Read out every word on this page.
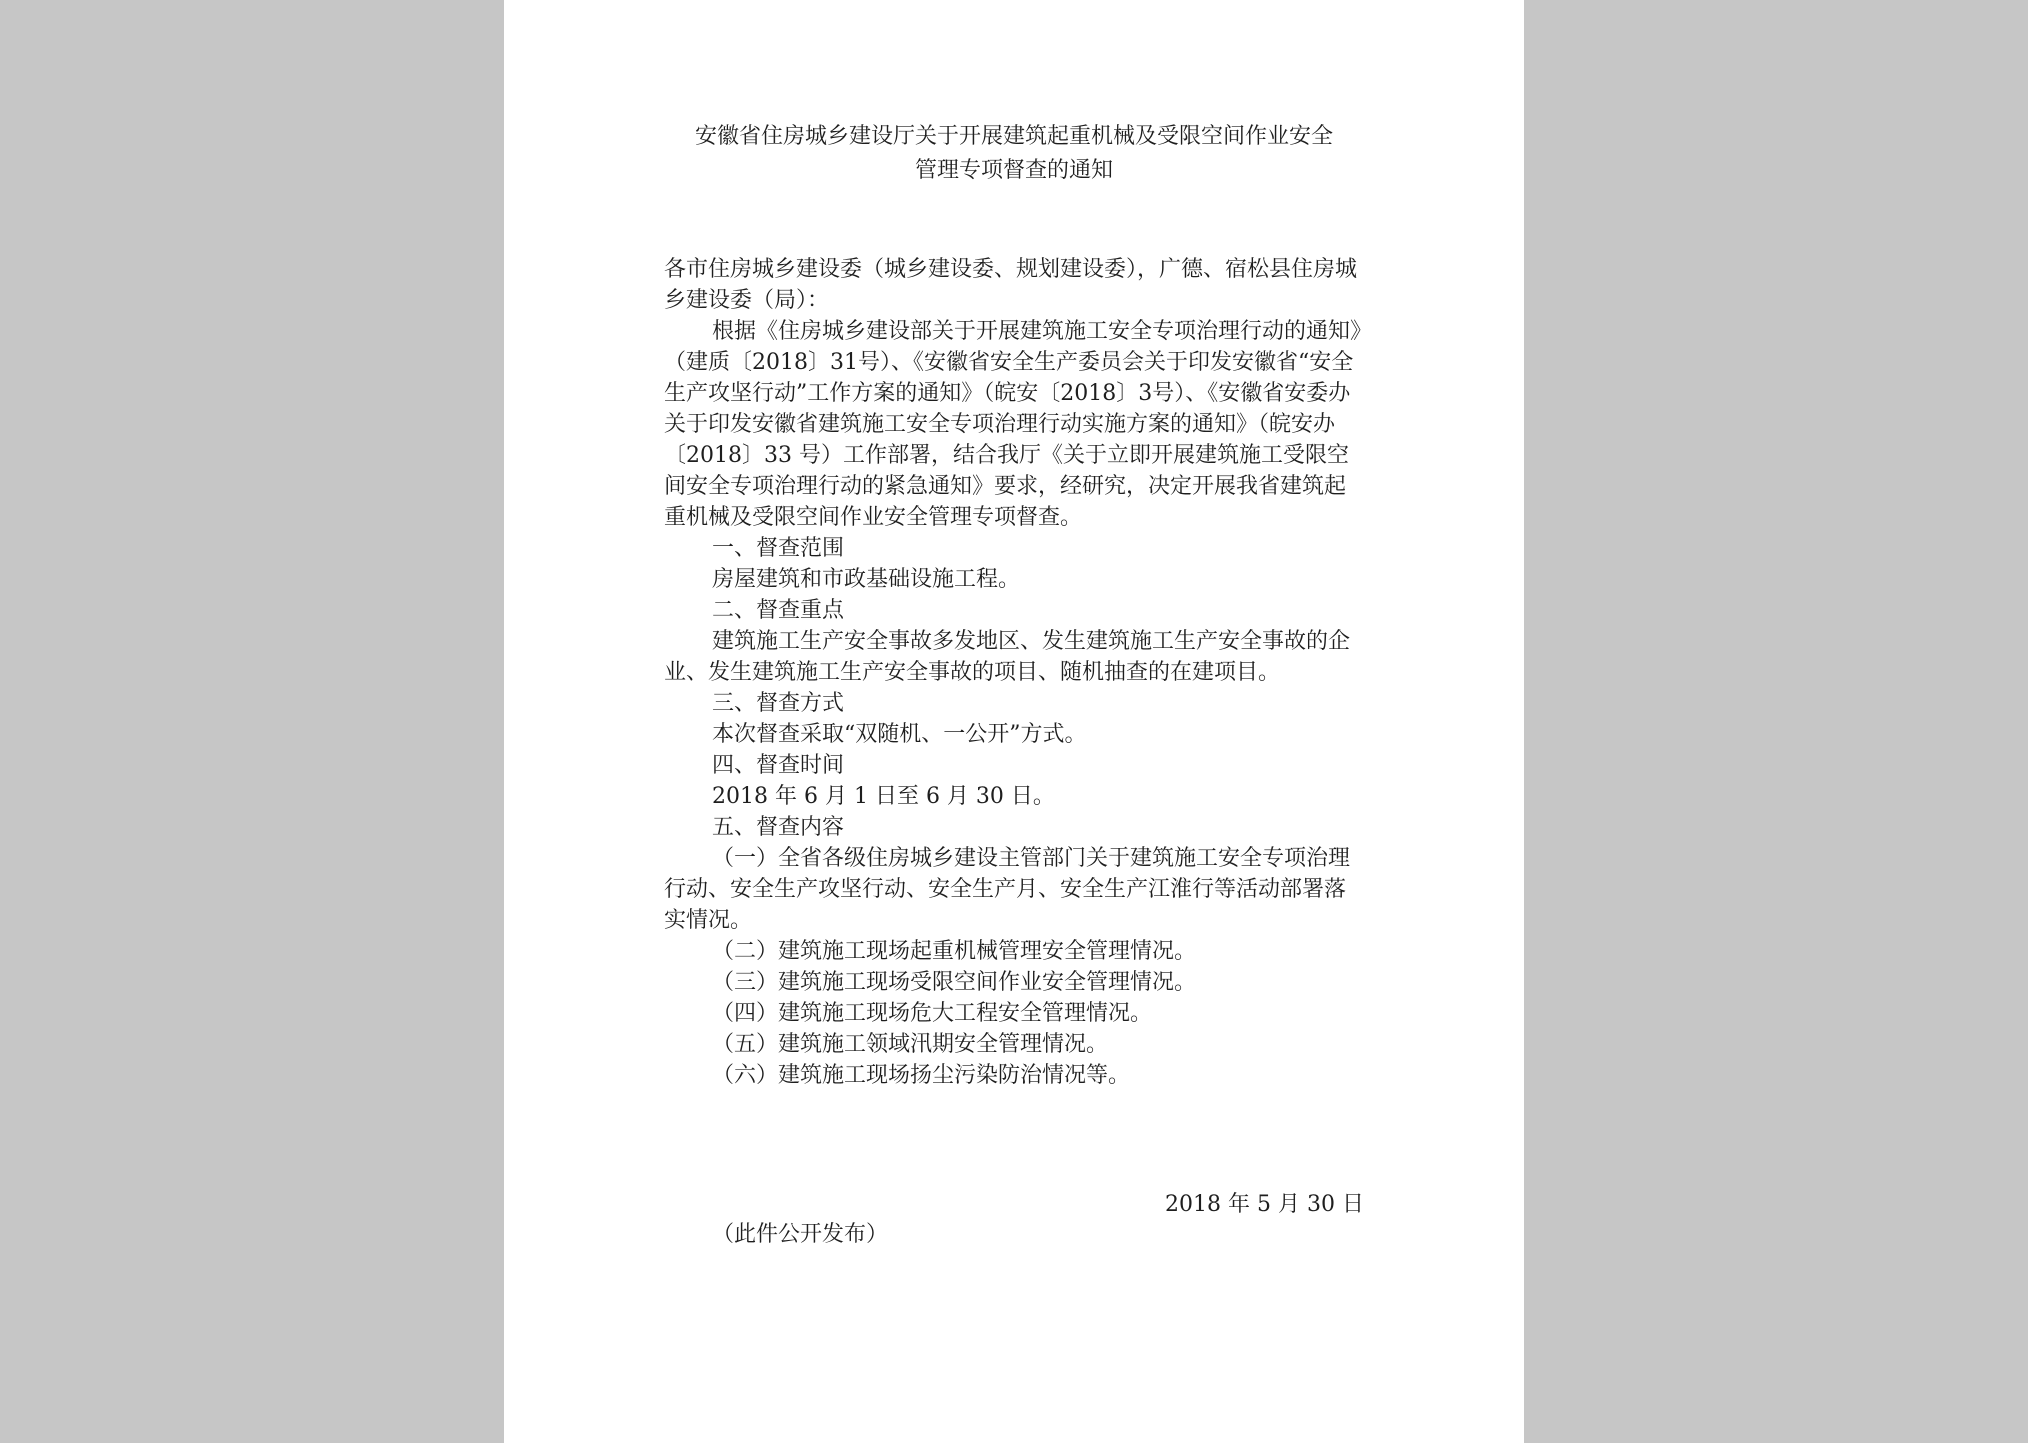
安徽省住房城乡建设厅关于开展建筑起重机械及受限空间作业安全
管理专项督查的通知

各市住房城乡建设委（城乡建设委、规划建设委），广德、宿松县住房城乡建设委（局）：

根据《住房城乡建设部关于开展建筑施工安全专项治理行动的通知》（建质〔2018〕31号）、《安徽省安全生产委员会关于印发安徽省“安全生产攻坚行动”工作方案的通知》（皖安〔2018〕3号）、《安徽省安委办关于印发安徽省建筑施工安全专项治理行动实施方案的通知》（皖安办〔2018〕33 号）工作部署，结合我厅《关于立即开展建筑施工受限空间安全专项治理行动的紧急通知》要求，经研究，决定开展我省建筑起重机械及受限空间作业安全管理专项督查。

一、督查范围

房屋建筑和市政基础设施工程。

二、督查重点

建筑施工生产安全事故多发地区、发生建筑施工生产安全事故的企业、发生建筑施工生产安全事故的项目、随机抽查的在建项目。

三、督查方式

本次督查采取“双随机、一公开”方式。

四、督查时间

2018 年 6 月 1 日至 6 月 30 日。

五、督查内容

（一）全省各级住房城乡建设主管部门关于建筑施工安全专项治理行动、安全生产攻坚行动、安全生产月、安全生产江淮行等活动部署落实情况。

（二）建筑施工现场起重机械管理安全管理情况。

（三）建筑施工现场受限空间作业安全管理情况。

（四）建筑施工现场危大工程安全管理情况。

（五）建筑施工领域汛期安全管理情况。

（六）建筑施工现场扬尘污染防治情况等。

2018 年 5 月 30 日
（此件公开发布）
